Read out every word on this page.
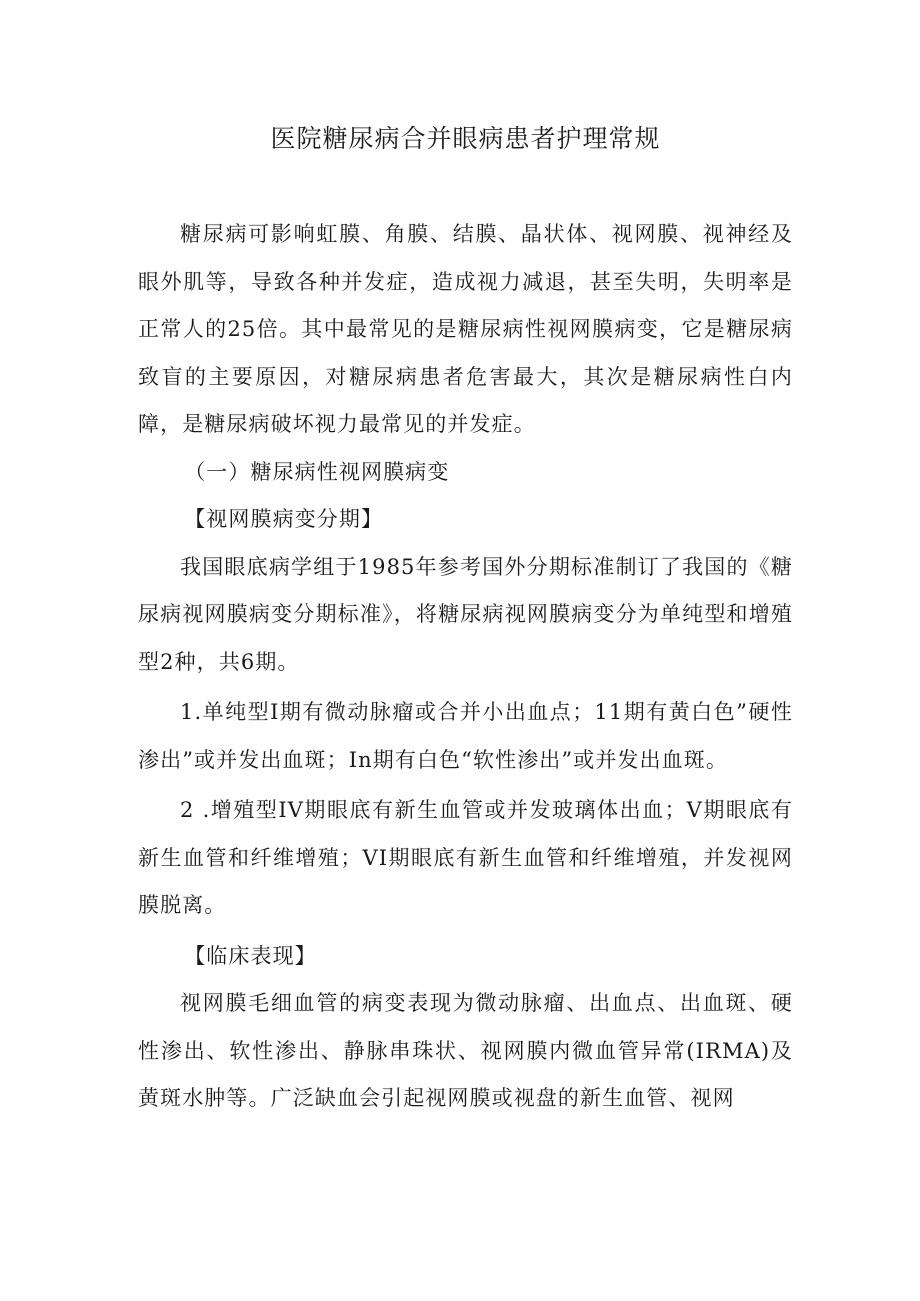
医院糖尿病合并眼病患者护理常规

糖尿病可影响虹膜、角膜、结膜、晶状体、视网膜、视神经及眼外肌等，导致各种并发症，造成视力减退，甚至失明，失明率是正常人的25倍。其中最常见的是糖尿病性视网膜病变，它是糖尿病致盲的主要原因，对糖尿病患者危害最大，其次是糖尿病性白内障，是糖尿病破坏视力最常见的并发症。

（一）糖尿病性视网膜病变

【视网膜病变分期】

我国眼底病学组于1985年参考国外分期标准制订了我国的《糖尿病视网膜病变分期标准》，将糖尿病视网膜病变分为单纯型和增殖型2种，共6期。

1.单纯型I期有微动脉瘤或合并小出血点；11期有黄白色”硬性渗出”或并发出血斑；In期有白色“软性渗出”或并发出血斑。

2 .增殖型IV期眼底有新生血管或并发玻璃体出血；V期眼底有新生血管和纤维增殖；VI期眼底有新生血管和纤维增殖，并发视网膜脱离。

【临床表现】

视网膜毛细血管的病变表现为微动脉瘤、出血点、出血斑、硬性渗出、软性渗出、静脉串珠状、视网膜内微血管异常(IRMA)及黄斑水肿等。广泛缺血会引起视网膜或视盘的新生血管、视网
